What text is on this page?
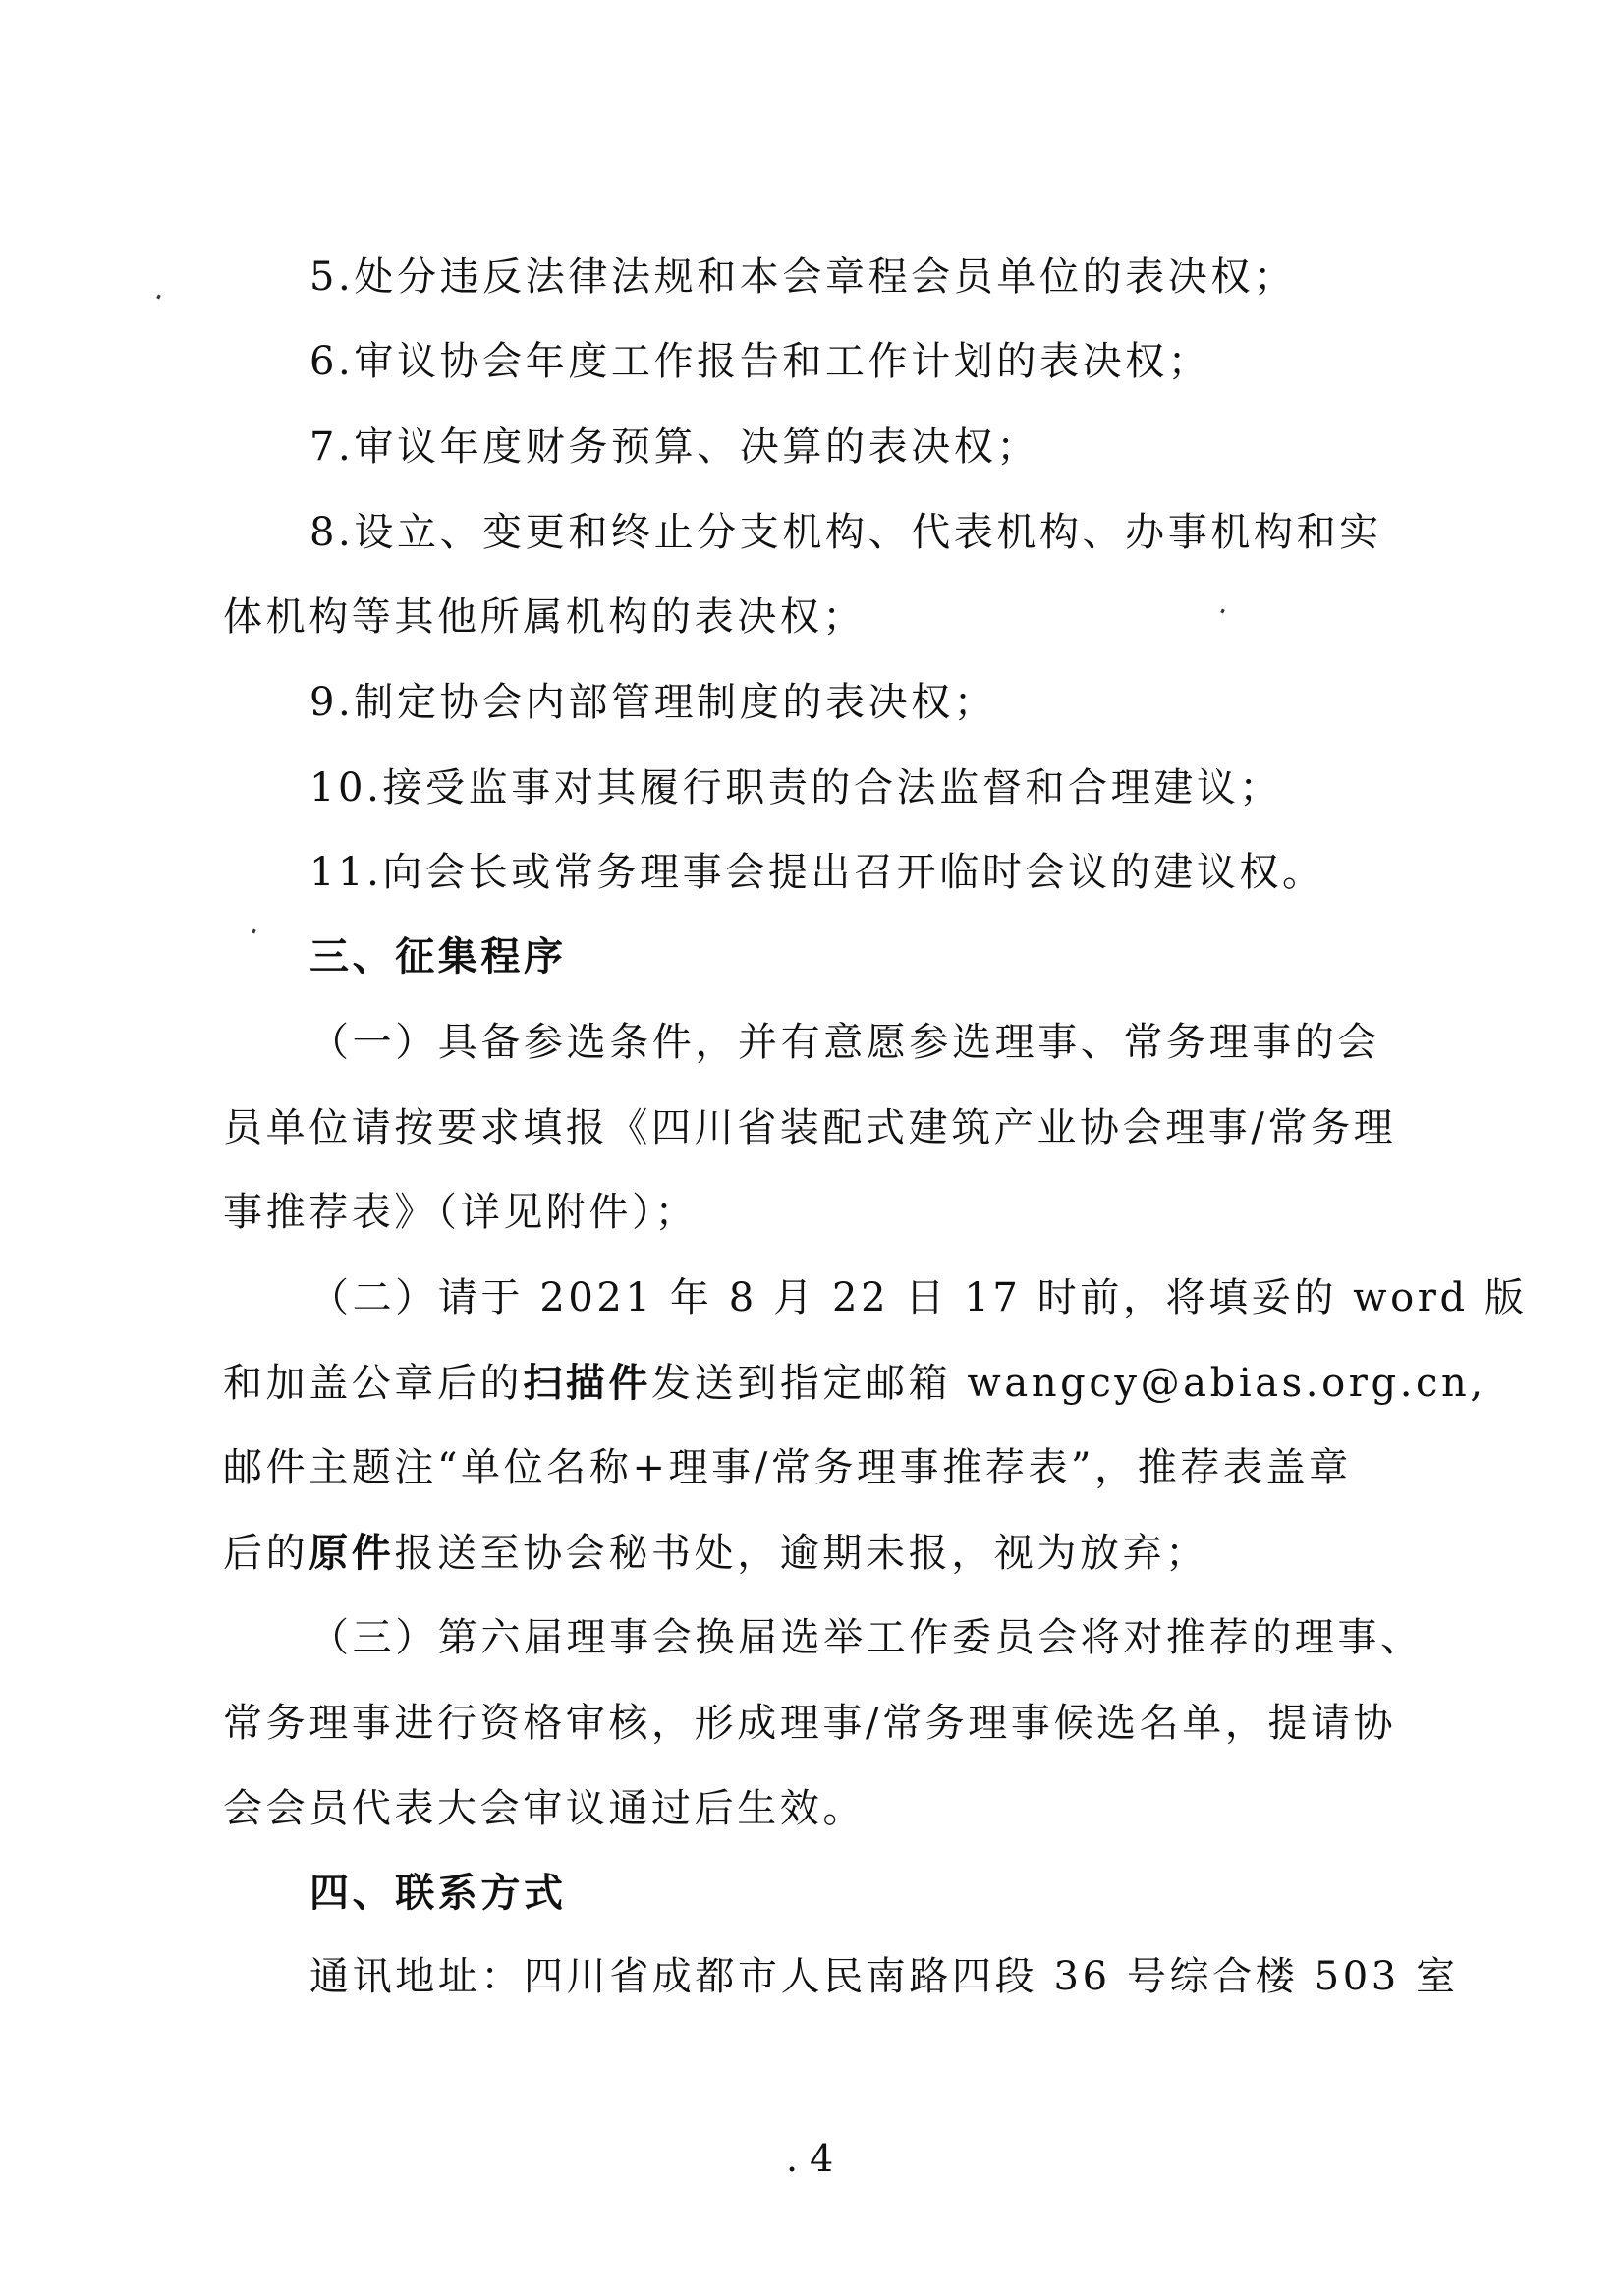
5.处分违反法律法规和本会章程会员单位的表决权；
6.审议协会年度工作报告和工作计划的表决权；
7.审议年度财务预算、决算的表决权；
8.设立、变更和终止分支机构、代表机构、办事机构和实
体机构等其他所属机构的表决权；
9.制定协会内部管理制度的表决权；
10.接受监事对其履行职责的合法监督和合理建议；
11.向会长或常务理事会提出召开临时会议的建议权。
三、征集程序
（一）具备参选条件，并有意愿参选理事、常务理事的会
员单位请按要求填报《四川省装配式建筑产业协会理事/常务理
事推荐表》（详见附件）；
（二）请于 2021 年 8 月 22 日 17 时前，将填妥的 word 版
和加盖公章后的扫描件发送到指定邮箱 wangcy@abias.org.cn,
邮件主题注“单位名称+理事/常务理事推荐表”，推荐表盖章
后的原件报送至协会秘书处，逾期未报，视为放弃；
（三）第六届理事会换届选举工作委员会将对推荐的理事、
常务理事进行资格审核，形成理事/常务理事候选名单，提请协
会会员代表大会审议通过后生效。
四、联系方式
通讯地址：四川省成都市人民南路四段 36 号综合楼 503 室
. 4
